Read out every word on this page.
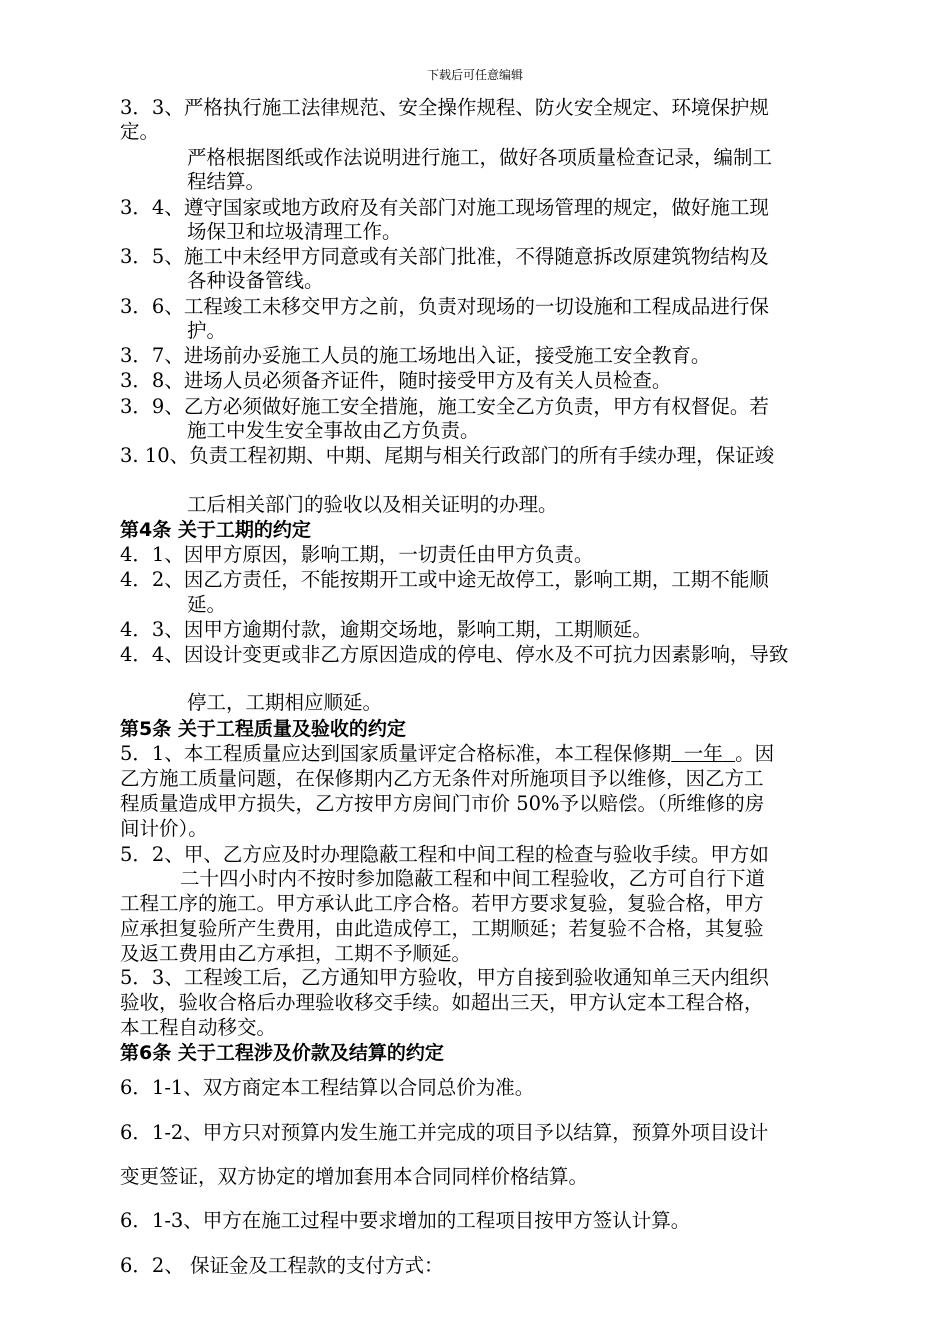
下载后可任意编辑
3．3、严格执行施工法律规范、安全操作规程、防火安全规定、环境保护规
定。
严格根据图纸或作法说明进行施工，做好各项质量检查记录，编制工
程结算。
3．4、遵守国家或地方政府及有关部门对施工现场管理的规定，做好施工现
场保卫和垃圾清理工作。
3．5、施工中未经甲方同意或有关部门批准，不得随意拆改原建筑物结构及
各种设备管线。
3．6、工程竣工未移交甲方之前，负责对现场的一切设施和工程成品进行保
护。
3．7、进场前办妥施工人员的施工场地出入证，接受施工安全教育。
3．8、进场人员必须备齐证件，随时接受甲方及有关人员检查。
3．9、乙方必须做好施工安全措施，施工安全乙方负责，甲方有权督促。若
施工中发生安全事故由乙方负责。
3. 10、负责工程初期、中期、尾期与相关行政部门的所有手续办理，保证竣
工后相关部门的验收以及相关证明的办理。
第4条 关于工期的约定
4．1、因甲方原因，影响工期，一切责任由甲方负责。
4．2、因乙方责任，不能按期开工或中途无故停工，影响工期，工期不能顺
延。
4．3、因甲方逾期付款，逾期交场地，影响工期，工期顺延。
4．4、因设计变更或非乙方原因造成的停电、停水及不可抗力因素影响，导致
停工，工期相应顺延。
第5条 关于工程质量及验收的约定
5．1、本工程质量应达到国家质量评定合格标准，本工程保修期 一年 。因
乙方施工质量问题，在保修期内乙方无条件对所施项目予以维修，因乙方工
程质量造成甲方损失，乙方按甲方房间门市价 50%予以赔偿。（所维修的房
间计价）。
5．2、甲、乙方应及时办理隐蔽工程和中间工程的检查与验收手续。甲方如
二十四小时内不按时参加隐蔽工程和中间工程验收，乙方可自行下道
工程工序的施工。甲方承认此工序合格。若甲方要求复验，复验合格，甲方
应承担复验所产生费用，由此造成停工，工期顺延；若复验不合格，其复验
及返工费用由乙方承担，工期不予顺延。
5．3、工程竣工后，乙方通知甲方验收，甲方自接到验收通知单三天内组织
验收，验收合格后办理验收移交手续。如超出三天，甲方认定本工程合格，
本工程自动移交。
第6条 关于工程涉及价款及结算的约定
6．1-1、双方商定本工程结算以合同总价为准。
6．1-2、甲方只对预算内发生施工并完成的项目予以结算，预算外项目设计
变更签证，双方协定的增加套用本合同同样价格结算。
6．1-3、甲方在施工过程中要求增加的工程项目按甲方签认计算。
6．2、 保证金及工程款的支付方式：
